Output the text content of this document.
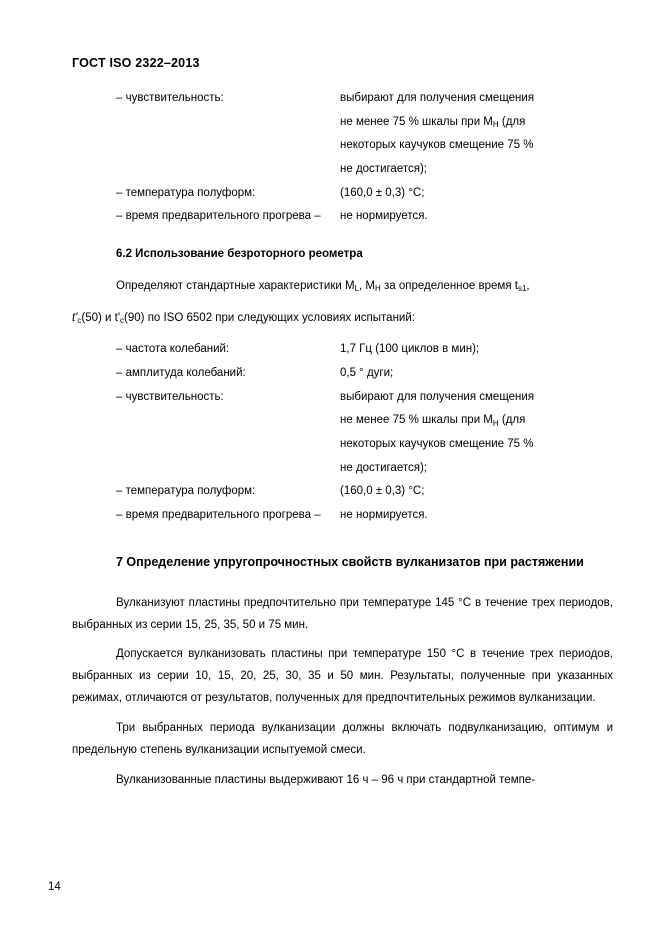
ГОСТ ISO 2322–2013
– чувствительность:	выбирают для получения смещения
не менее 75 % шкалы при $M_Н$ (для
некоторых каучуков смещение 75 %
не достигается);
– температура полуформ:	(160,0 ± 0,3) °С;
– время предварительного прогрева –	не нормируется.
6.2 Использование безроторного реометра
Определяют стандартные характеристики $M_L$, $M_Н$ за определенное время $t_{s1}$,
$t'_c(50)$ и $t'_c(90)$ по ISO 6502 при следующих условиях испытаний:
– частота колебаний:	1,7 Гц (100 циклов в мин);
– амплитуда колебаний:	0,5 ° дуги;
– чувствительность:	выбирают для получения смещения
не менее 75 % шкалы при $M_Н$ (для
некоторых каучуков смещение 75 %
не достигается);
– температура полуформ:	(160,0 ± 0,3) °С;
– время предварительного прогрева –	не нормируется.
7 Определение упругопрочностных свойств вулканизатов при растяжении
Вулканизуют пластины предпочтительно при температуре 145 °С в течение трех периодов, выбранных из серии 15, 25, 35, 50 и 75 мин.
Допускается вулканизовать пластины при температуре 150 °С в течение трех периодов, выбранных из серии 10, 15, 20, 25, 30, 35 и 50 мин. Результаты, полученные при указанных режимах, отличаются от результатов, полученных для предпочтительных режимов вулканизации.
Три выбранных периода вулканизации должны включать подвулканизацию, оптимум и предельную степень вулканизации испытуемой смеси.
Вулканизованные пластины выдерживают 16 ч – 96 ч при стандартной темпе-
14
